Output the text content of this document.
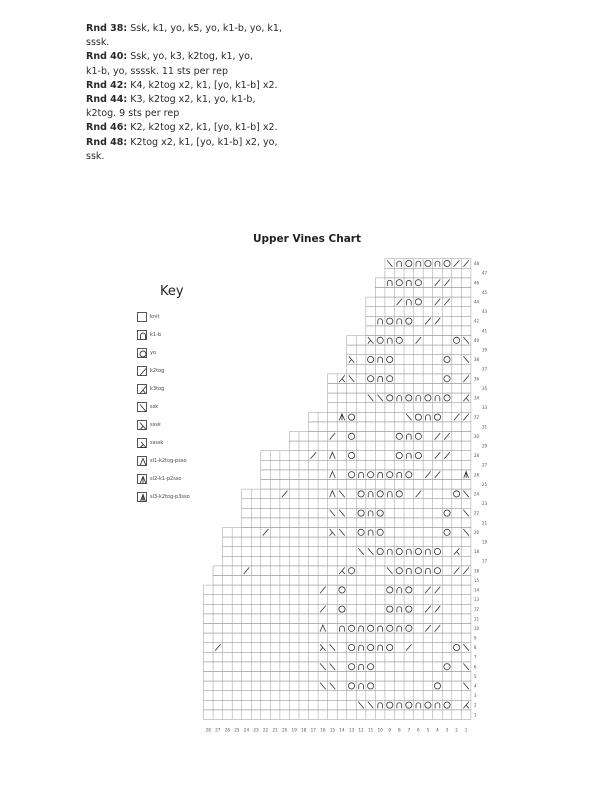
Rnd 38: Ssk, k1, yo, k5, yo, k1-b, yo, k1,
sssk.
Rnd 40: Ssk, yo, k3, k2tog, k1, yo,
k1-b, yo, ssssk. 11 sts per rep
Rnd 42: K4, k2tog x2, k1, [yo, k1-b] x2.
Rnd 44: K3, k2tog x2, k1, yo, k1-b,
k2tog. 9 sts per rep
Rnd 46: K2, k2tog x2, k1, [yo, k1-b] x2.
Rnd 48: K2tog x2, k1, [yo, k1-b] x2, yo,
ssk.
Upper Vines Chart
Key
knit
k1-b
yo
k2tog
k3tog
ssk
sssk
ssssk
sl1-k2tog-psso
sl2-k1-p2sso
sl3-k2tog-p3sso
28 27 26 25 24 23 22 21 20 19 18 17 16 15 14 13 12 11 10 9 8 7 6 5 4 3 2 1
1
2
3
4
5
6
7
8
9
10
11
12
13
14
15
16
17
18
19
20
21
22
23
24
25
26
27
28
29
30
31
32
33
34
35
36
37
38
39
40
41
42
43
44
45
46
47
48
